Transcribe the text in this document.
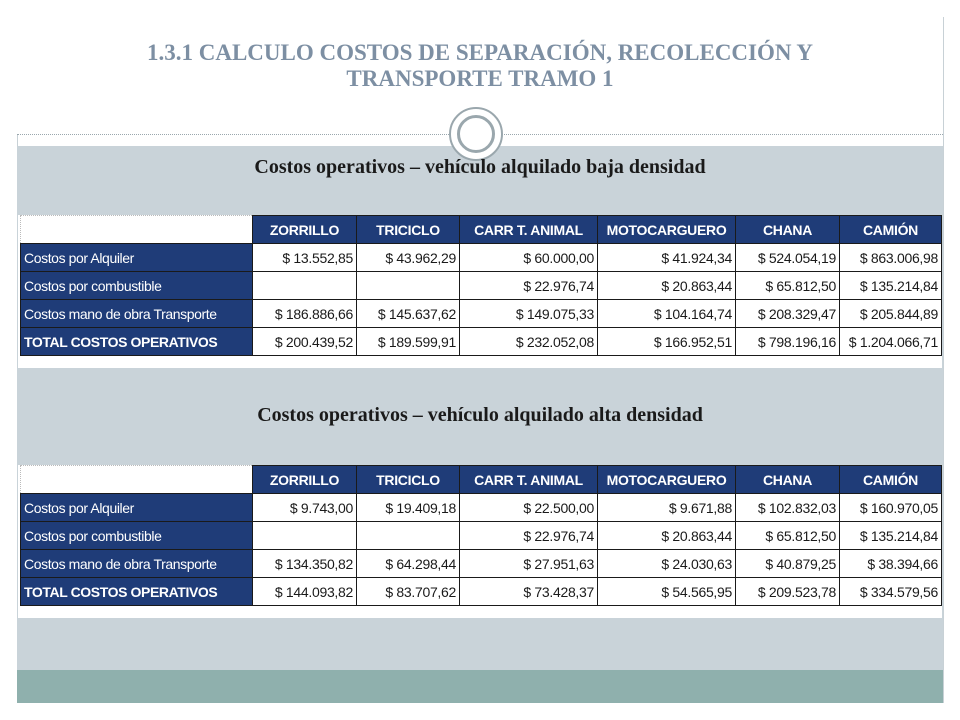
1.3.1 CALCULO COSTOS DE SEPARACIÓN, RECOLECCIÓN Y
TRANSPORTE TRAMO 1
Costos operativos – vehículo alquilado baja densidad
	ZORRILLO	TRICICLO	CARR T. ANIMAL	MOTOCARGUERO	CHANA	CAMIÓN
Costos por Alquiler	$ 13.552,85	$ 43.962,29	$ 60.000,00	$ 41.924,34	$ 524.054,19	$ 863.006,98
Costos por combustible			$ 22.976,74	$ 20.863,44	$ 65.812,50	$ 135.214,84
Costos mano de obra Transporte	$ 186.886,66	$ 145.637,62	$ 149.075,33	$ 104.164,74	$ 208.329,47	$ 205.844,89
TOTAL COSTOS OPERATIVOS	$ 200.439,52	$ 189.599,91	$ 232.052,08	$ 166.952,51	$ 798.196,16	$ 1.204.066,71
Costos operativos – vehículo alquilado alta densidad
	ZORRILLO	TRICICLO	CARR T. ANIMAL	MOTOCARGUERO	CHANA	CAMIÓN
Costos por Alquiler	$ 9.743,00	$ 19.409,18	$ 22.500,00	$ 9.671,88	$ 102.832,03	$ 160.970,05
Costos por combustible			$ 22.976,74	$ 20.863,44	$ 65.812,50	$ 135.214,84
Costos mano de obra Transporte	$ 134.350,82	$ 64.298,44	$ 27.951,63	$ 24.030,63	$ 40.879,25	$ 38.394,66
TOTAL COSTOS OPERATIVOS	$ 144.093,82	$ 83.707,62	$ 73.428,37	$ 54.565,95	$ 209.523,78	$ 334.579,56
